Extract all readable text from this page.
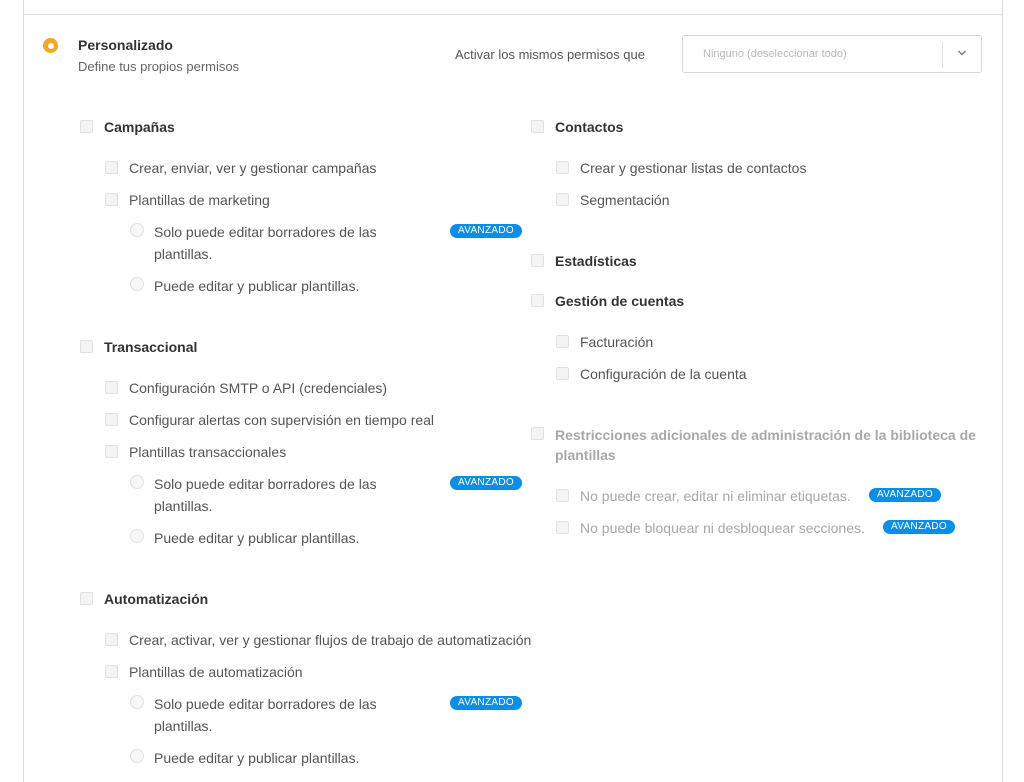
Personalizado
Define tus propios permisos
Activar los mismos permisos que	Ninguno (deseleccionar todo)
Campañas
Crear, enviar, ver y gestionar campañas
Plantillas de marketing
Solo puede editar borradores de las plantillas.
AVANZADO
Puede editar y publicar plantillas.
Transaccional
Configuración SMTP o API (credenciales)
Configurar alertas con supervisión en tiempo real
Plantillas transaccionales
Solo puede editar borradores de las plantillas.
AVANZADO
Puede editar y publicar plantillas.
Automatización
Crear, activar, ver y gestionar flujos de trabajo de automatización
Plantillas de automatización
Solo puede editar borradores de las plantillas.
AVANZADO
Puede editar y publicar plantillas.
Contactos
Crear y gestionar listas de contactos
Segmentación
Estadísticas
Gestión de cuentas
Facturación
Configuración de la cuenta
Restricciones adicionales de administración de la biblioteca de plantillas
No puede crear, editar ni eliminar etiquetas.	AVANZADO
No puede bloquear ni desbloquear secciones.	AVANZADO
